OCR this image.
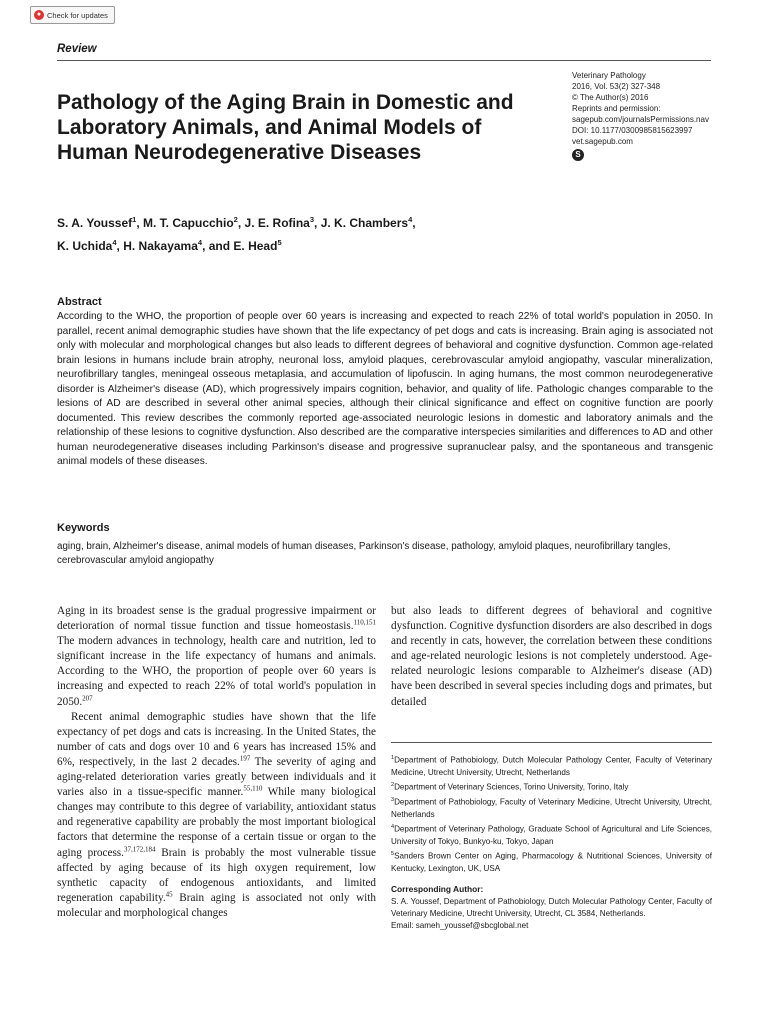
● Check for updates
Review
Veterinary Pathology
2016, Vol. 53(2) 327-348
© The Author(s) 2016
Reprints and permission:
sagepub.com/journalsPermissions.nav
DOI: 10.1177/0300985815623997
vet.sagepub.com
S
Pathology of the Aging Brain in Domestic and Laboratory Animals, and Animal Models of Human Neurodegenerative Diseases
S. A. Youssef$^1$, M. T. Capucchio$^2$, J. E. Rofina$^3$, J. K. Chambers$^4$,
K. Uchida$^4$, H. Nakayama$^4$, and E. Head$^5$
Abstract
According to the WHO, the proportion of people over 60 years is increasing and expected to reach 22% of total world's population in 2050. In parallel, recent animal demographic studies have shown that the life expectancy of pet dogs and cats is increasing. Brain aging is associated not only with molecular and morphological changes but also leads to different degrees of behavioral and cognitive dysfunction. Common age-related brain lesions in humans include brain atrophy, neuronal loss, amyloid plaques, cerebrovascular amyloid angiopathy, vascular mineralization, neurofibrillary tangles, meningeal osseous metaplasia, and accumulation of lipofuscin. In aging humans, the most common neurodegenerative disorder is Alzheimer's disease (AD), which progressively impairs cognition, behavior, and quality of life. Pathologic changes comparable to the lesions of AD are described in several other animal species, although their clinical significance and effect on cognitive function are poorly documented. This review describes the commonly reported age-associated neurologic lesions in domestic and laboratory animals and the relationship of these lesions to cognitive dysfunction. Also described are the comparative interspecies similarities and differences to AD and other human neurodegenerative diseases including Parkinson's disease and progressive supranuclear palsy, and the spontaneous and transgenic animal models of these diseases.
Keywords
aging, brain, Alzheimer's disease, animal models of human diseases, Parkinson's disease, pathology, amyloid plaques, neurofibrillary tangles, cerebrovascular amyloid angiopathy

Aging in its broadest sense is the gradual progressive impairment or deterioration of normal tissue function and tissue homeostasis.$^{110,151}$ The modern advances in technology, health care and nutrition, led to significant increase in the life expectancy of humans and animals. According to the WHO, the proportion of people over 60 years is increasing and expected to reach 22% of total world's population in 2050.$^{207}$

Recent animal demographic studies have shown that the life expectancy of pet dogs and cats is increasing. In the United States, the number of cats and dogs over 10 and 6 years has increased 15% and 6%, respectively, in the last 2 decades.$^{197}$ The severity of aging and aging-related deterioration varies greatly between individuals and it varies also in a tissue-specific manner.$^{55,110}$ While many biological changes may contribute to this degree of variability, antioxidant status and regenerative capability are probably the most important biological factors that determine the response of a certain tissue or organ to the aging process.$^{37,172,184}$ Brain is probably the most vulnerable tissue affected by aging because of its high oxygen requirement, low synthetic capacity of endogenous antioxidants, and limited regeneration capability.$^{45}$ Brain aging is associated not only with molecular and morphological changes

but also leads to different degrees of behavioral and cognitive dysfunction. Cognitive dysfunction disorders are also described in dogs and recently in cats, however, the correlation between these conditions and age-related neurologic lesions is not completely understood. Age-related neurologic lesions comparable to Alzheimer's disease (AD) have been described in several species including dogs and primates, but detailed
$^1$Department of Pathobiology, Dutch Molecular Pathology Center, Faculty of Veterinary Medicine, Utrecht University, Utrecht, Netherlands
$^2$Department of Veterinary Sciences, Torino University, Torino, Italy
$^3$Department of Pathobiology, Faculty of Veterinary Medicine, Utrecht University, Utrecht, Netherlands
$^4$Department of Veterinary Pathology, Graduate School of Agricultural and Life Sciences, University of Tokyo, Bunkyo-ku, Tokyo, Japan
$^5$Sanders Brown Center on Aging, Pharmacology & Nutritional Sciences, University of Kentucky, Lexington, UK, USA
Corresponding Author:
S. A. Youssef, Department of Pathobiology, Dutch Molecular Pathology Center, Faculty of Veterinary Medicine, Utrecht University, Utrecht, CL 3584, Netherlands.
Email: sameh_youssef@sbcglobal.net
